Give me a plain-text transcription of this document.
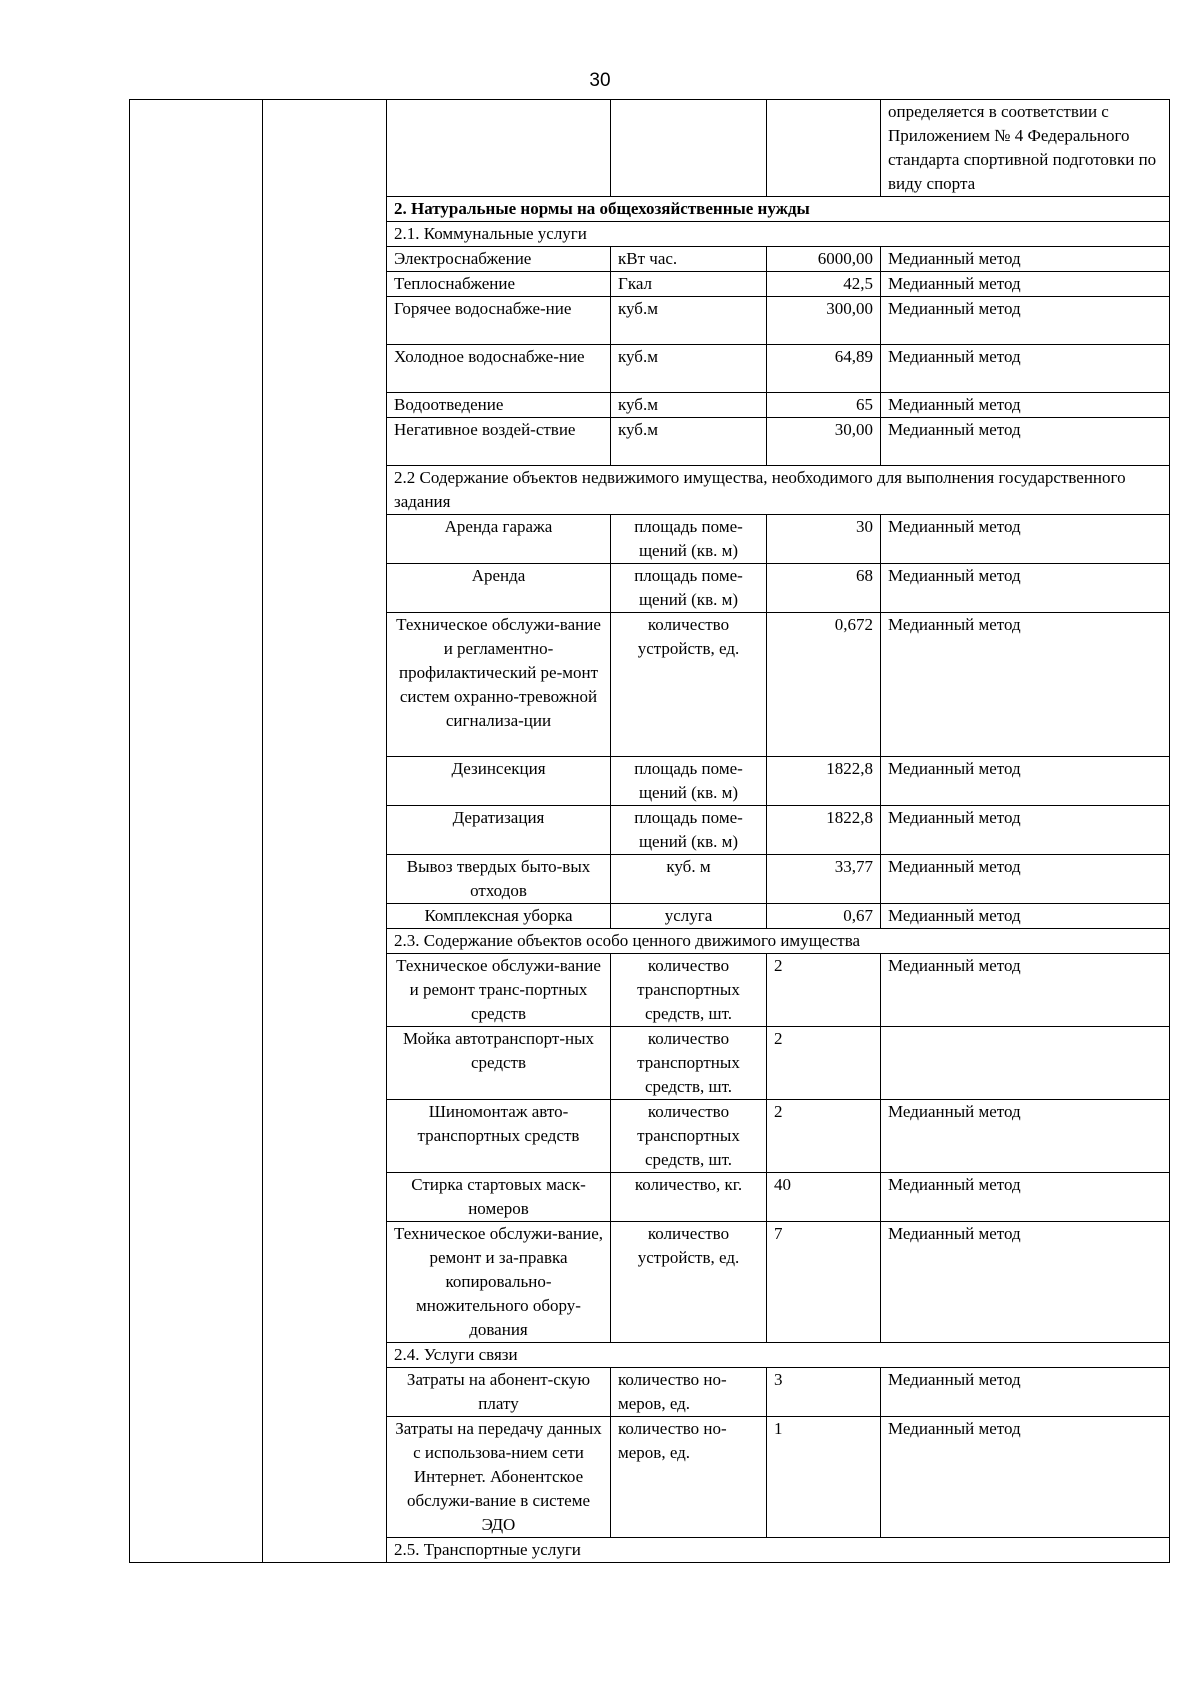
30
					определяется в соответствии с Приложением № 4 Федерального стандарта спортивной подготовки по виду спорта
		2. Натуральные нормы на общехозяйственные нужды			
		2.1. Коммунальные услуги			
		Электроснабжение	кВт час.	6000,00	Медианный метод
		Теплоснабжение	Гкал	42,5	Медианный метод
		Горячее водоснабже-ние	куб.м	300,00	Медианный метод
		Холодное водоснабже-ние	куб.м	64,89	Медианный метод
		Водоотведение	куб.м	65	Медианный метод
		Негативное воздей-ствие	куб.м	30,00	Медианный метод
		2.2 Содержание объектов недвижимого имущества, необходимого для выполнения государственного задания			
		Аренда гаража	площадь поме-щений (кв. м)	30	Медианный метод
		Аренда	площадь поме-щений (кв. м)	68	Медианный метод
		Техническое обслужи-вание и регламентно-профилактический ре-монт систем охранно-тревожной сигнализа-ции	количество устройств, ед.	0,672	Медианный метод
		Дезинсекция	площадь поме-щений (кв. м)	1822,8	Медианный метод
		Дератизация	площадь поме-щений (кв. м)	1822,8	Медианный метод
		Вывоз твердых быто-вых отходов	куб. м	33,77	Медианный метод
		Комплексная уборка	услуга	0,67	Медианный метод
		2.3. Содержание объектов особо ценного движимого имущества			
		Техническое обслужи-вание и ремонт транс-портных средств	количество транспортных средств, шт.	2	Медианный метод
		Мойка автотранспорт-ных средств	количество транспортных средств, шт.	2	
		Шиномонтаж авто-транспортных средств	количество транспортных средств, шт.	2	Медианный метод
		Стирка стартовых маск-номеров	количество, кг.	40	Медианный метод
		Техническое обслужи-вание, ремонт и за-правка копировально-множительного обору-дования	количество устройств, ед.	7	Медианный метод
		2.4. Услуги связи			
		Затраты на абонент-скую плату	количество но-меров, ед.	3	Медианный метод
		Затраты на передачу данных с использова-нием сети Интернет. Абонентское обслужи-вание в системе ЭДО	количество но-меров, ед.	1	Медианный метод
		2.5. Транспортные услуги			
